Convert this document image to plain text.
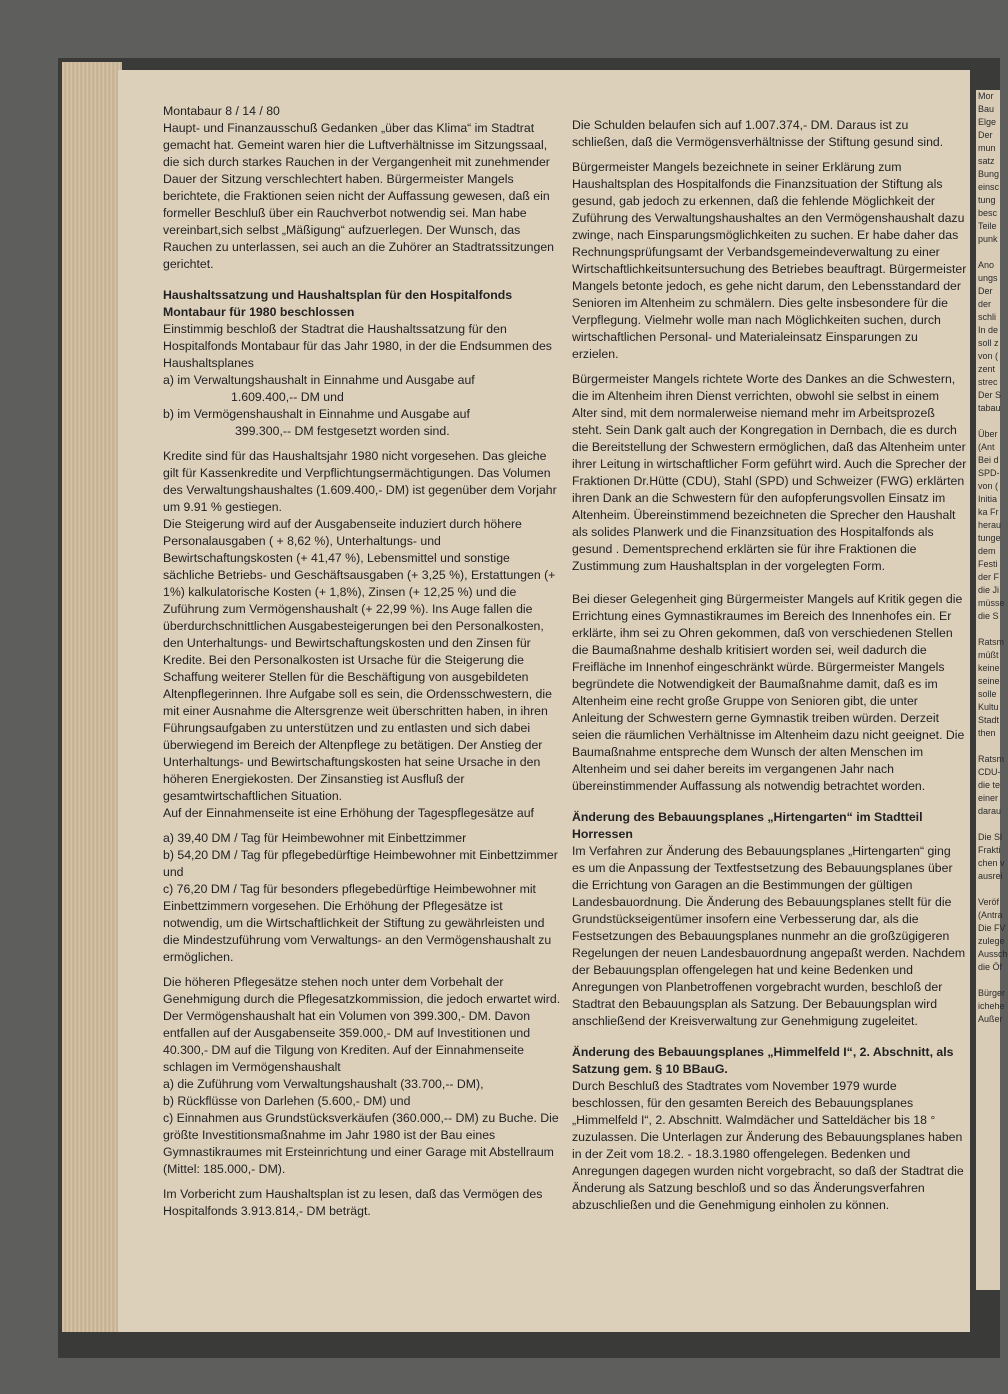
Mor
Bau
Elge
Der
mun
satz
Bung
einsc
tung
besc
Teile
punk

Ano
ungs
Der
der
schli
In de
soll z
von (
zent
strec
Der S
tabau

Über
(Ant
Bei d
SPD-
von (
Initia
ka Fr
herau
tunge
dem
Festi
der F
die Ji
müsse
die S

Ratsm
müßt
keine
seine
solle
Kultu
Stadt
then

Ratsm
CDU-
die te
einer
darau

Die Sl
Frakti
chen v
ausrei

Veröf
(Antra
Die FV
zulege
Aussch
die Öf

Bürger
ichehe
Außer

Montabaur 8 / 14 / 80

Haupt- und Finanzausschuß Gedanken „über das Klima“ im Stadtrat gemacht hat. Gemeint waren hier die Luftverhältnisse im Sitzungssaal, die sich durch starkes Rauchen in der Vergangenheit mit zunehmender Dauer der Sitzung verschlechtert haben. Bürgermeister Mangels berichtete, die Fraktionen seien nicht der Auffassung gewesen, daß ein formeller Beschluß über ein Rauchverbot notwendig sei. Man habe vereinbart,sich selbst „Mäßigung“ aufzuerlegen. Der Wunsch, das Rauchen zu unterlassen, sei auch an die Zuhörer an Stadtratssitzungen gerichtet.

Haushaltssatzung und Haushaltsplan für den Hospitalfonds Montabaur für 1980 beschlossen

Einstimmig beschloß der Stadtrat die Haushaltssatzung für den Hospitalfonds Montabaur für das Jahr 1980, in der die Endsummen des Haushaltsplanes

a) im Verwaltungshaushalt in Einnahme und Ausgabe auf

1.609.400,-- DM und

b) im Vermögenshaushalt in Einnahme und Ausgabe auf

399.300,-- DM festgesetzt worden sind.

Kredite sind für das Haushaltsjahr 1980 nicht vorgesehen. Das gleiche gilt für Kassenkredite und Verpflichtungsermächtigungen. Das Volumen des Verwaltungshaushaltes (1.609.400,- DM) ist gegenüber dem Vorjahr um 9.91 % gestiegen.

Die Steigerung wird auf der Ausgabenseite induziert durch höhere Personalausgaben ( + 8,62 %), Unterhaltungs- und Bewirtschaftungskosten (+ 41,47 %), Lebensmittel und sonstige sächliche Betriebs- und Geschäftsausgaben (+ 3,25 %), Erstattungen (+ 1%) kalkulatorische Kosten (+ 1,8%), Zinsen (+ 12,25 %) und die Zuführung zum Vermögenshaushalt (+ 22,99 %). Ins Auge fallen die überdurchschnittlichen Ausgabesteigerungen bei den Personalkosten, den Unterhaltungs- und Bewirtschaftungskosten und den Zinsen für Kredite. Bei den Personalkosten ist Ursache für die Steigerung die Schaffung weiterer Stellen für die Beschäftigung von ausgebildeten Altenpflegerinnen. Ihre Aufgabe soll es sein, die Ordensschwestern, die mit einer Ausnahme die Altersgrenze weit überschritten haben, in ihren Führungsaufgaben zu unterstützen und zu entlasten und sich dabei überwiegend im Bereich der Altenpflege zu betätigen. Der Anstieg der Unterhaltungs- und Bewirtschaftungskosten hat seine Ursache in den höheren Energiekosten. Der Zinsanstieg ist Ausfluß der gesamtwirtschaftlichen Situation.

Auf der Einnahmenseite ist eine Erhöhung der Tagespflegesätze auf

a) 39,40 DM / Tag für Heimbewohner mit Einbettzimmer

b) 54,20 DM / Tag für pflegebedürftige Heimbewohner mit Einbettzimmer und

c) 76,20 DM / Tag für besonders pflegebedürftige Heimbewohner mit Einbettzimmern vorgesehen. Die Erhöhung der Pflegesätze ist notwendig, um die Wirtschaftlichkeit der Stiftung zu gewährleisten und die Mindestzuführung vom Verwaltungs- an den Vermögenshaushalt zu ermöglichen.

Die höheren Pflegesätze stehen noch unter dem Vorbehalt der Genehmigung durch die Pflegesatzkommission, die jedoch erwartet wird.

Der Vermögenshaushalt hat ein Volumen von 399.300,- DM. Davon entfallen auf der Ausgabenseite 359.000,- DM auf Investitionen und 40.300,- DM auf die Tilgung von Krediten. Auf der Einnahmenseite schlagen im Vermögenshaushalt

a) die Zuführung vom Verwaltungshaushalt (33.700,-- DM),

b) Rückflüsse von Darlehen (5.600,- DM) und

c) Einnahmen aus Grundstücksverkäufen (360.000,-- DM) zu Buche. Die größte Investitionsmaßnahme im Jahr 1980 ist der Bau eines Gymnastikraumes mit Ersteinrichtung und einer Garage mit Abstellraum (Mittel: 185.000,- DM).

Im Vorbericht zum Haushaltsplan ist zu lesen, daß das Vermögen des Hospitalfonds 3.913.814,- DM beträgt.

Die Schulden belaufen sich auf 1.007.374,- DM. Daraus ist zu schließen, daß die Vermögensverhältnisse der Stiftung gesund sind.

Bürgermeister Mangels bezeichnete in seiner Erklärung zum Haushaltsplan des Hospitalfonds die Finanzsituation der Stiftung als gesund, gab jedoch zu erkennen, daß die fehlende Möglichkeit der Zuführung des Verwaltungshaushaltes an den Vermögenshaushalt dazu zwinge, nach Einsparungsmöglichkeiten zu suchen. Er habe daher das Rechnungsprüfungsamt der Verbandsgemeindeverwaltung zu einer Wirtschaftlichkeitsuntersuchung des Betriebes beauftragt. Bürgermeister Mangels betonte jedoch, es gehe nicht darum, den Lebensstandard der Senioren im Altenheim zu schmälern. Dies gelte insbesondere für die Verpflegung. Vielmehr wolle man nach Möglichkeiten suchen, durch wirtschaftlichen Personal- und Materialeinsatz Einsparungen zu erzielen.

Bürgermeister Mangels richtete Worte des Dankes an die Schwestern, die im Altenheim ihren Dienst verrichten, obwohl sie selbst in einem Alter sind, mit dem normalerweise niemand mehr im Arbeitsprozeß steht. Sein Dank galt auch der Kongregation in Dernbach, die es durch die Bereitstellung der Schwestern ermöglichen, daß das Altenheim unter ihrer Leitung in wirtschaftlicher Form geführt wird. Auch die Sprecher der Fraktionen Dr.Hütte (CDU), Stahl (SPD) und Schweizer (FWG) erklärten ihren Dank an die Schwestern für den aufopferungsvollen Einsatz im Altenheim. Übereinstimmend bezeichneten die Sprecher den Haushalt als solides Planwerk und die Finanzsituation des Hospitalfonds als gesund . Dementsprechend erklärten sie für ihre Fraktionen die Zustimmung zum Haushaltsplan in der vorgelegten Form.

Bei dieser Gelegenheit ging Bürgermeister Mangels auf Kritik gegen die Errichtung eines Gymnastikraumes im Bereich des Innenhofes ein. Er erklärte, ihm sei zu Ohren gekommen, daß von verschiedenen Stellen die Baumaßnahme deshalb kritisiert worden sei, weil dadurch die Freifläche im Innenhof eingeschränkt würde. Bürgermeister Mangels begründete die Notwendigkeit der Baumaßnahme damit, daß es im Altenheim eine recht große Gruppe von Senioren gibt, die unter Anleitung der Schwestern gerne Gymnastik treiben würden. Derzeit seien die räumlichen Verhältnisse im Altenheim dazu nicht geeignet. Die Baumaßnahme entspreche dem Wunsch der alten Menschen im Altenheim und sei daher bereits im vergangenen Jahr nach übereinstimmender Auffassung als notwendig betrachtet worden.

Änderung des Bebauungsplanes „Hirtengarten“ im Stadtteil Horressen

Im Verfahren zur Änderung des Bebauungsplanes „Hirtengarten“ ging es um die Anpassung der Textfestsetzung des Bebauungsplanes über die Errichtung von Garagen an die Bestimmungen der gültigen Landesbauordnung. Die Änderung des Bebauungsplanes stellt für die Grundstückseigentümer insofern eine Verbesserung dar, als die Festsetzungen des Bebauungsplanes nunmehr an die großzügigeren Regelungen der neuen Landesbauordnung angepaßt werden. Nachdem der Bebauungsplan offengelegen hat und keine Bedenken und Anregungen von Planbetroffenen vorgebracht wurden, beschloß der Stadtrat den Bebauungsplan als Satzung. Der Bebauungsplan wird anschließend der Kreisverwaltung zur Genehmigung zugeleitet.

Änderung des Bebauungsplanes „Himmelfeld I“, 2. Abschnitt, als Satzung gem. § 10 BBauG.

Durch Beschluß des Stadtrates vom November 1979 wurde beschlossen, für den gesamten Bereich des Bebauungsplanes „Himmelfeld I“, 2. Abschnitt. Walmdächer und Satteldächer bis 18 ° zuzulassen. Die Unterlagen zur Änderung des Bebauungsplanes haben in der Zeit vom 18.2. - 18.3.1980 offengelegen. Bedenken und Anregungen dagegen wurden nicht vorgebracht, so daß der Stadtrat die Änderung als Satzung beschloß und so das Änderungsverfahren abzuschließen und die Genehmigung einholen zu können.
